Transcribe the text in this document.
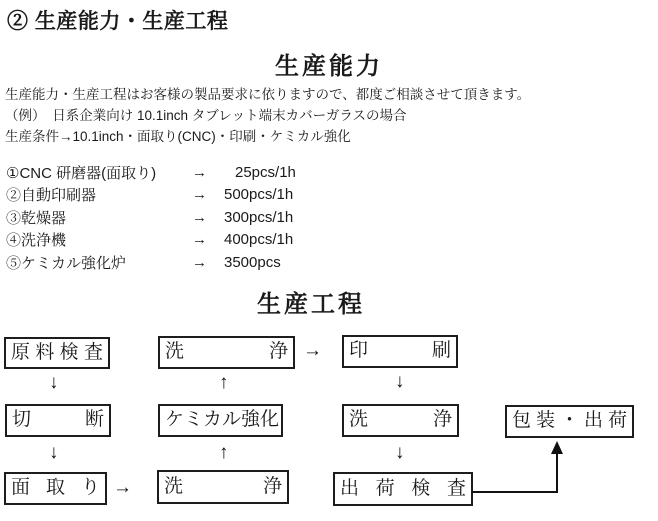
② 生産能力・生産工程
生産能力
生産能力・生産工程はお客様の製品要求に依りますので、都度ご相談させて頂きます。
（例）　日系企業向け 10.1inch タブレット端末カバーガラスの場合
生産条件→10.1inch・面取り(CNC)・印刷・ケミカル強化
①CNC 研磨器(面取り)	→	25pcs/1h
②自動印刷器	→	500pcs/1h
③乾燥器	→	300pcs/1h
④洗浄機	→	400pcs/1h
⑤ケミカル強化炉	→	3500pcs
生産工程
原料検査	洗浄 →	印刷
↓	↑	↓
切断	ケミカル強化	洗浄	包装・出荷
↓	↑	↓
面取り →	洗浄	出荷検査
